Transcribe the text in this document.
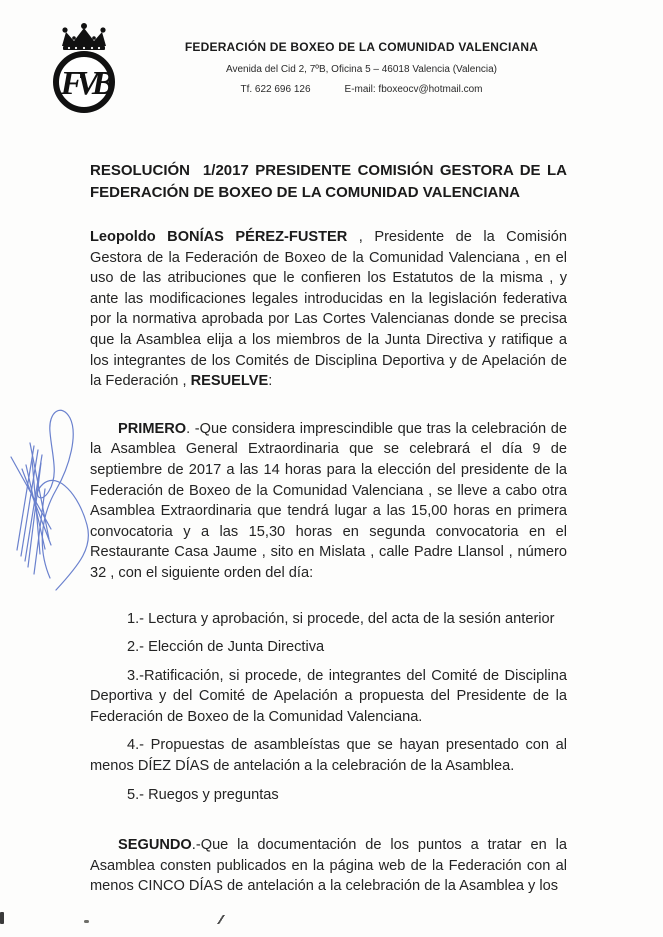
FVB
FEDERACIÓN DE BOXEO DE LA COMUNIDAD VALENCIANA
Avenida del Cid 2, 7ºB, Oficina 5 – 46018 Valencia (Valencia)
Tf. 622 696 126	E-mail: fboxeocv@hotmail.com
RESOLUCIÓN  1/2017 PRESIDENTE COMISIÓN GESTORA DE LA
FEDERACIÓN DE BOXEO DE LA COMUNIDAD VALENCIANA

Leopoldo BONÍAS PÉREZ-FUSTER , Presidente de la Comisión Gestora de la Federación de Boxeo de la Comunidad Valenciana , en el uso de las atribuciones que le confieren los Estatutos de la misma , y ante las modificaciones legales introducidas en la legislación federativa por la normativa aprobada por Las Cortes Valencianas donde se precisa que la Asamblea elija a los miembros de la Junta Directiva y ratifique a los integrantes de los Comités de Disciplina Deportiva y de Apelación de la Federación , RESUELVE:

PRIMERO. -Que considera imprescindible que tras la celebración de la Asamblea General Extraordinaria que se celebrará el día 9 de septiembre de 2017 a las 14 horas para la elección del presidente de la Federación de Boxeo de la Comunidad Valenciana , se lleve a cabo otra Asamblea Extraordinaria que tendrá lugar a las 15,00 horas en primera convocatoria y a las 15,30 horas en segunda convocatoria en el Restaurante Casa Jaume , sito en Mislata , calle Padre Llansol , número 32 , con el siguiente orden del día:

1.- Lectura y aprobación, si procede, del acta de la sesión anterior

2.- Elección de Junta Directiva

3.-Ratificación, si procede, de integrantes del Comité de Disciplina Deportiva y del Comité de Apelación a propuesta del Presidente de la Federación de Boxeo de la Comunidad Valenciana.

4.- Propuestas de asambleístas que se hayan presentado con al menos DÍEZ DÍAS de antelación a la celebración de la Asamblea.

5.- Ruegos y preguntas

SEGUNDO.-Que la documentación de los puntos a tratar en la Asamblea consten publicados en la página web de la Federación con al menos CINCO DÍAS de antelación a la celebración de la Asamblea y los
